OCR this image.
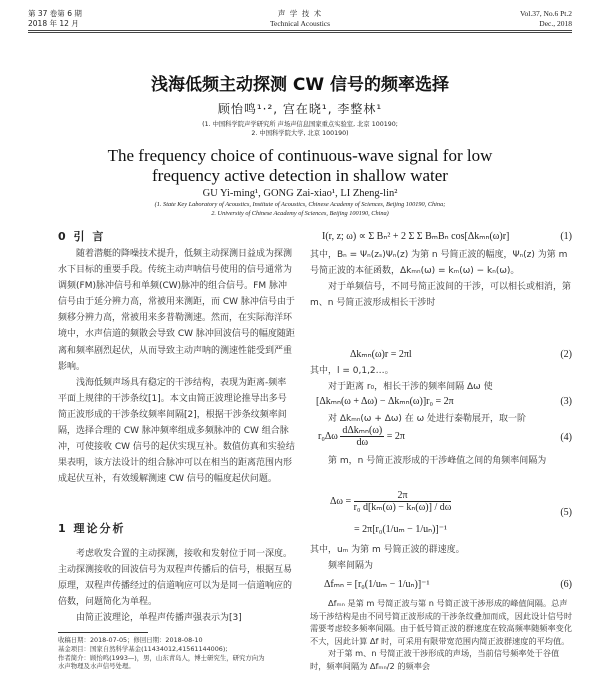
第 37 卷第 6 期
2018 年 12 月
声 学 技 术
Technical Acoustics
Vol.37, No.6 Pt.2
Dec., 2018
浅海低频主动探测 CW 信号的频率选择
顾怡鸣¹·², 宫在晓¹, 李整林¹
(1. 中国科学院声学研究所 声场声信息国家重点实验室, 北京 100190;
2. 中国科学院大学, 北京 100190)
The frequency choice of continuous-wave signal for low
frequency active detection in shallow water
GU Yi-ming¹, GONG Zai-xiao¹, LI Zheng-lin²
(1. State Key Laboratory of Acoustics, Institute of Acoustics, Chinese Academy of Sciences, Beijing 100190, China;
2. University of Chinese Academy of Sciences, Beijing 100190, China)
0 引 言

随着潜艇的降噪技术提升，低频主动探测日益成为探测水下目标的重要手段。传统主动声呐信号使用的信号通常为调频(FM)脉冲信号和单频(CW)脉冲的组合信号。FM 脉冲信号由于延分辨力高，常被用来测距，而 CW 脉冲信号由于频移分辨力高，常被用来多普勒测速。然而，在实际海洋环境中，水声信道的频散会导致 CW 脉冲回波信号的幅度随距离和频率剧烈起伏，从而导致主动声呐的测速性能受到严重影响。

浅海低频声场具有稳定的干涉结构，表现为距离-频率平面上规律的干涉条纹[1]。本文由简正波理论推导出多号简正波形成的干涉条纹频率间隔[2]，根据干涉条纹频率间隔，选择合理的 CW 脉冲频率组成多频脉冲的 CW 组合脉冲，可使接收 CW 信号的起伏实现互补。数值仿真和实验结果表明，该方法设计的组合脉冲可以在相当的距离范围内形成起伏互补，有效缓解测速 CW 信号的幅度起伏问题。

1 理论分析

考虑收发合置的主动探测，接收和发射位于同一深度。主动探测接收的回波信号为双程声传播后的信号，根据互易原理，双程声传播经过的信道响应可以为是同一信道响应的倍数，问题简化为单程。

由简正波理论，单程声传播声强表示为[3]

收稿日期：2018-07-05；修回日期：2018-08-10
基金项目：国家自然科学基金(11434012,41561144006);
作者简介：顾怡鸣(1993—)，男，山东青岛人，博士研究生，研究方向为
水声物理及水声信号处理。
I(r, z; ω) ∝ Σ Bₙ² + 2 Σ Σ BₘBₙ cos[Δkₘₙ(ω)r]	(1)

其中，Bₙ = Ψₙ(zₛ)Ψₙ(z) 为第 n 号简正波的幅度，Ψₙ(z) 为第 m 号简正波的本征函数，Δkₘₙ(ω) = kₘ(ω) − kₙ(ω)。

对于单频信号，不同号简正波间的干涉，可以相长或相消，第 m、n 号简正波形成相长干涉时

Δkₘₙ(ω)r = 2πl	(2)

其中，l = 0,1,2…。

对于距离 r₀，相长干涉的频率间隔 Δω 使

[Δkₘₙ(ω + Δω) − Δkₘₙ(ω)]r₀ = 2π	(3)

对 Δkₘₙ(ω + Δω) 在 ω 处进行泰勒展开，取一阶

$r_0\Delta\omega \frac{\text{dΔkₘₙ(ω)}}{d\omega} = 2\pi$	(4)

第 m，n 号简正波形成的干涉峰值之间的角频率间隔为

$\Delta\omega = \frac{2\pi}{\text{r₀ d[kₘ(ω) − kₙ(ω)] / dω}}$
= 2π[r₀(1/uₘ − 1/uₙ)]⁻¹
(5)

其中，uₘ 为第 m 号简正波的群速度。

频率间隔为

Δfₘₙ = [r₀(1/uₘ − 1/uₙ)]⁻¹	(6)

Δfₘₙ 是第 m 号简正波与第 n 号简正波干涉形成的峰值间隔。总声场干涉结构是由不同号简正波形成的干涉条纹叠加而成，因此设计信号时需要考虑较多频率间隔。由于低号简正波的群速度在较高频率随频率变化不大，因此计算 Δf 时，可采用有限带宽范围内简正波群速度的平均值。

对于第 m、n 号简正波干涉形成的声场，当前信号频率处于谷值时，频率间隔为 Δfₘₙ/2 的频率会
